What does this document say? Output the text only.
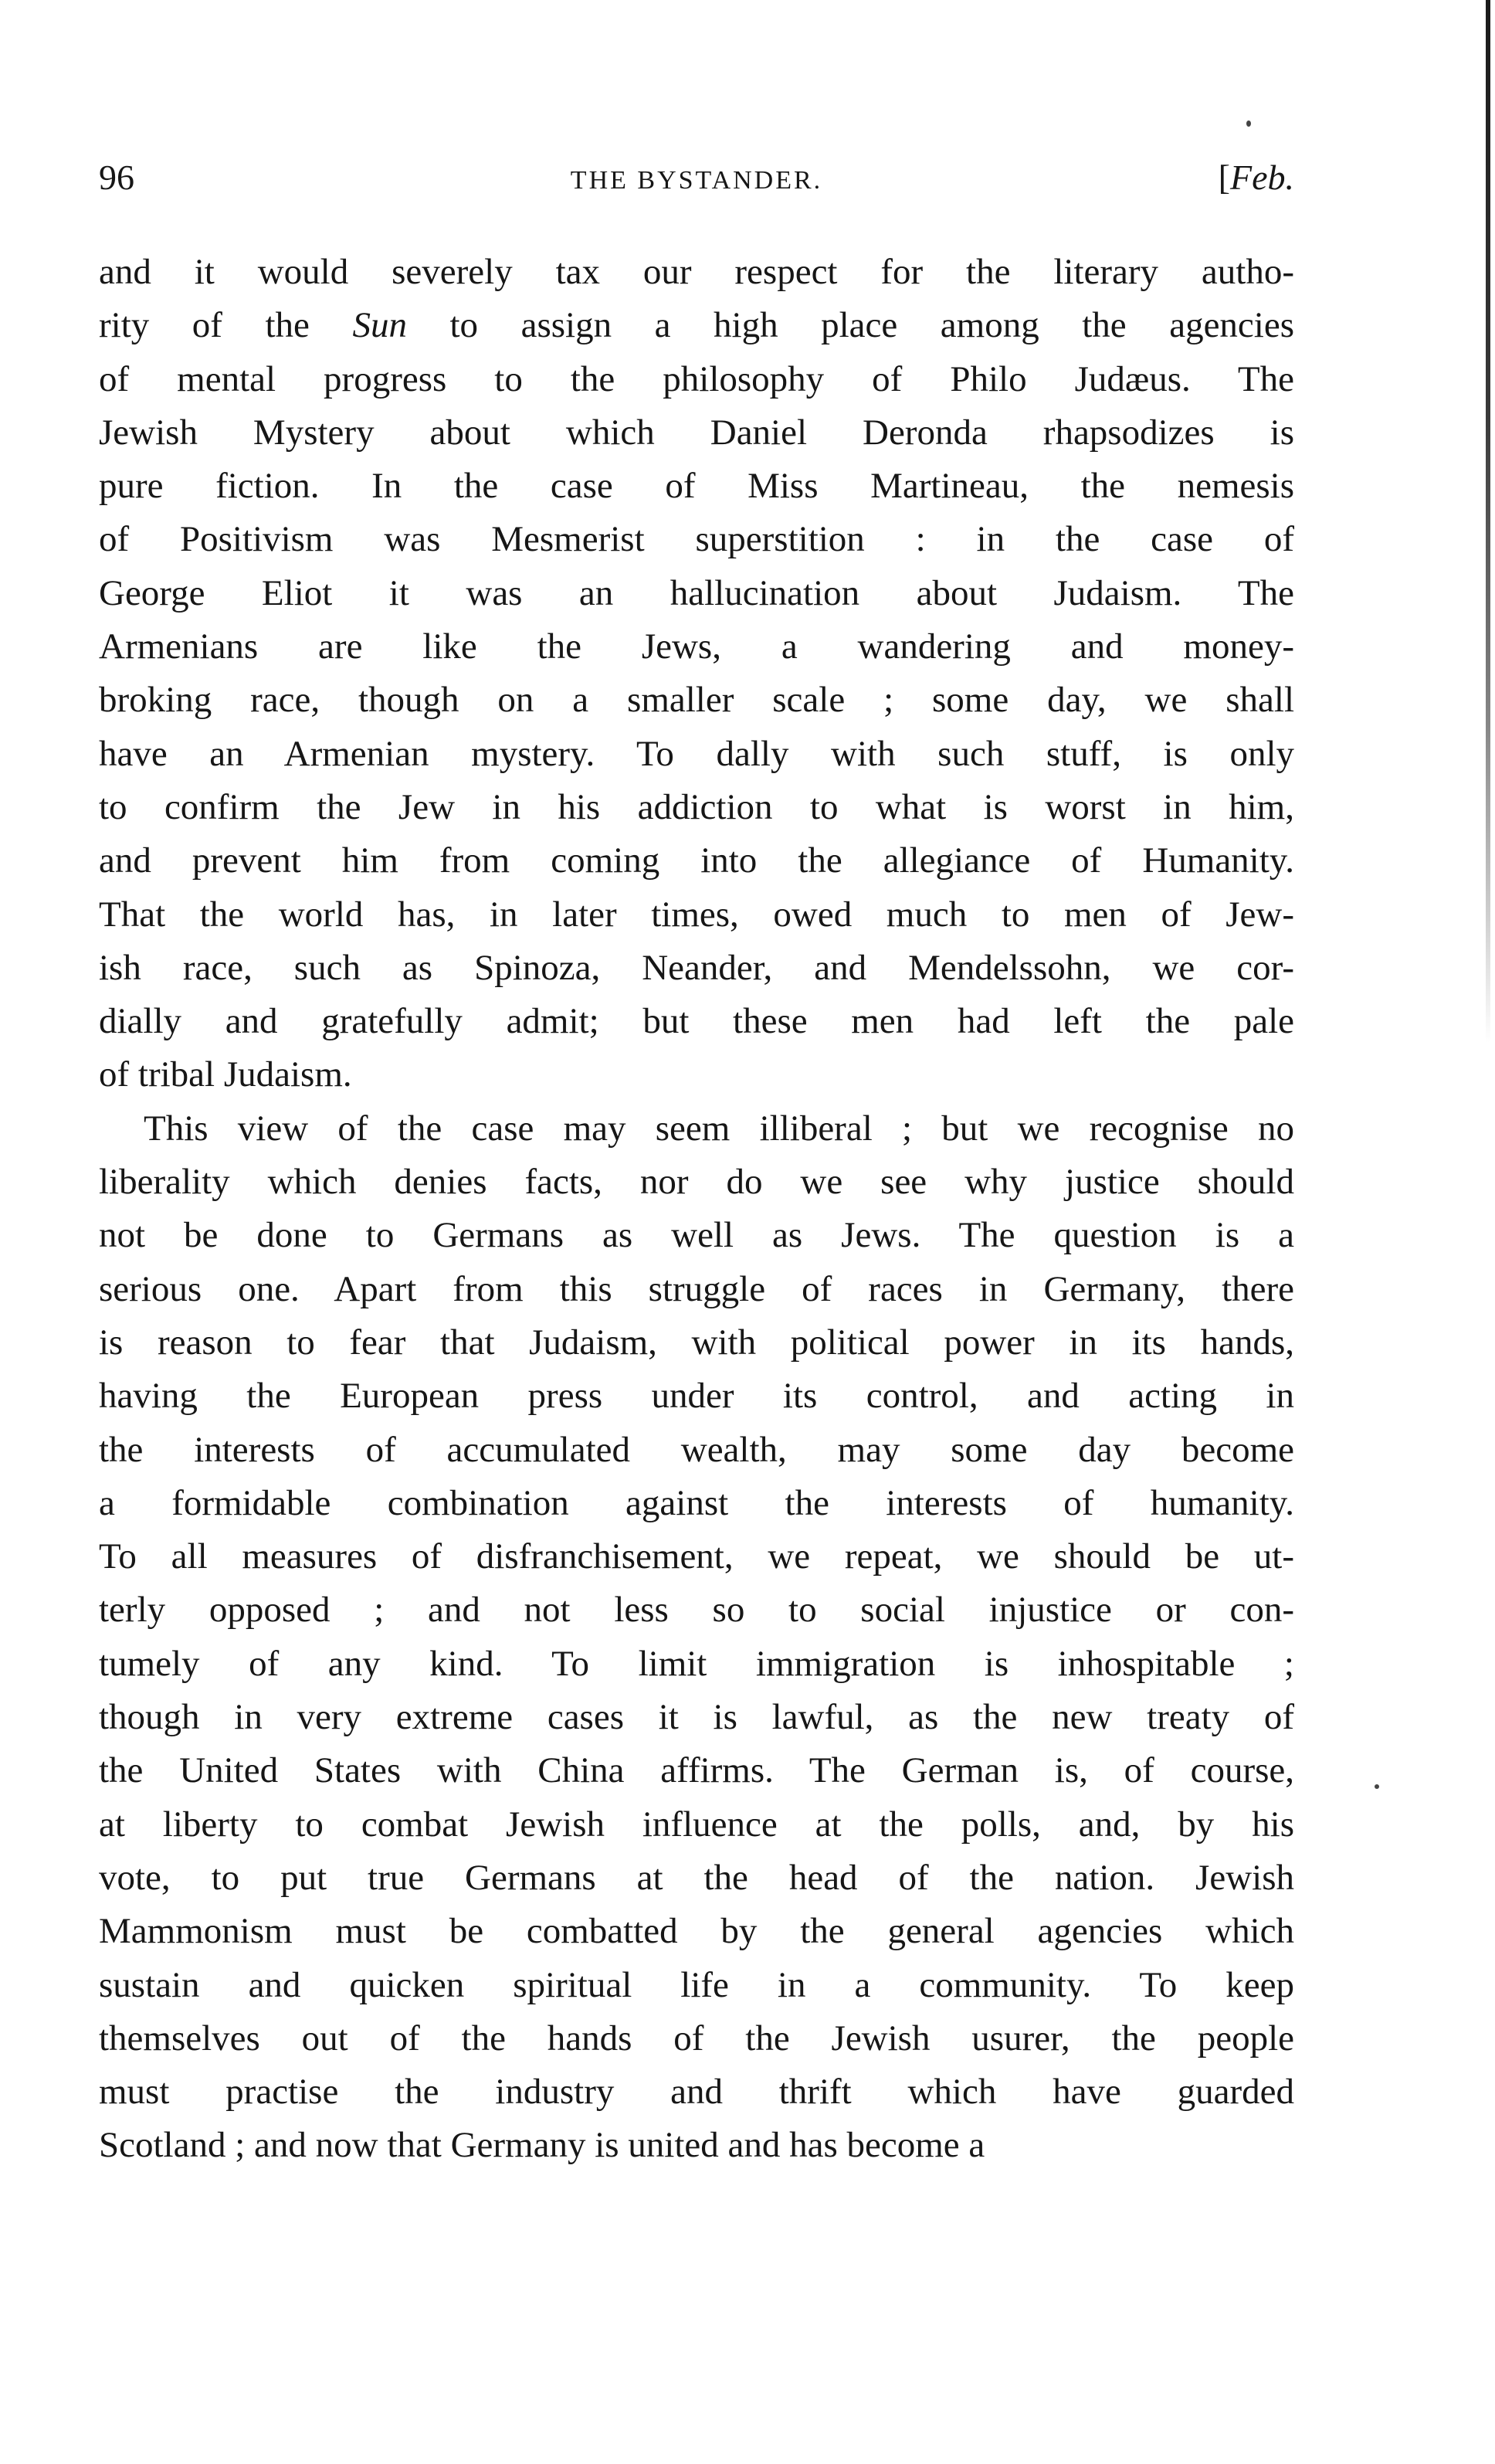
96	THE BYSTANDER.	[Feb.
and it would severely tax our respect for the literary autho-
rity of the Sun to assign a high place among the agencies
of mental progress to the philosophy of Philo Judæus. The
Jewish Mystery about which Daniel Deronda rhapsodizes is
pure fiction. In the case of Miss Martineau, the nemesis
of Positivism was Mesmerist superstition : in the case of
George Eliot it was an hallucination about Judaism. The
Armenians are like the Jews, a wandering and money-
broking race, though on a smaller scale ; some day, we shall
have an Armenian mystery. To dally with such stuff, is only
to confirm the Jew in his addiction to what is worst in him,
and prevent him from coming into the allegiance of Humanity.
That the world has, in later times, owed much to men of Jew-
ish race, such as Spinoza, Neander, and Mendelssohn, we cor-
dially and gratefully admit; but these men had left the pale
of tribal Judaism.
This view of the case may seem illiberal ; but we recognise no
liberality which denies facts, nor do we see why justice should
not be done to Germans as well as Jews. The question is a
serious one. Apart from this struggle of races in Germany, there
is reason to fear that Judaism, with political power in its hands,
having the European press under its control, and acting in
the interests of accumulated wealth, may some day become
a formidable combination against the interests of humanity.
To all measures of disfranchisement, we repeat, we should be ut-
terly opposed ; and not less so to social injustice or con-
tumely of any kind. To limit immigration is inhospitable ;
though in very extreme cases it is lawful, as the new treaty of
the United States with China affirms. The German is, of course,
at liberty to combat Jewish influence at the polls, and, by his
vote, to put true Germans at the head of the nation. Jewish
Mammonism must be combatted by the general agencies which
sustain and quicken spiritual life in a community. To keep
themselves out of the hands of the Jewish usurer, the people
must practise the industry and thrift which have guarded
Scotland ; and now that Germany is united and has become a
